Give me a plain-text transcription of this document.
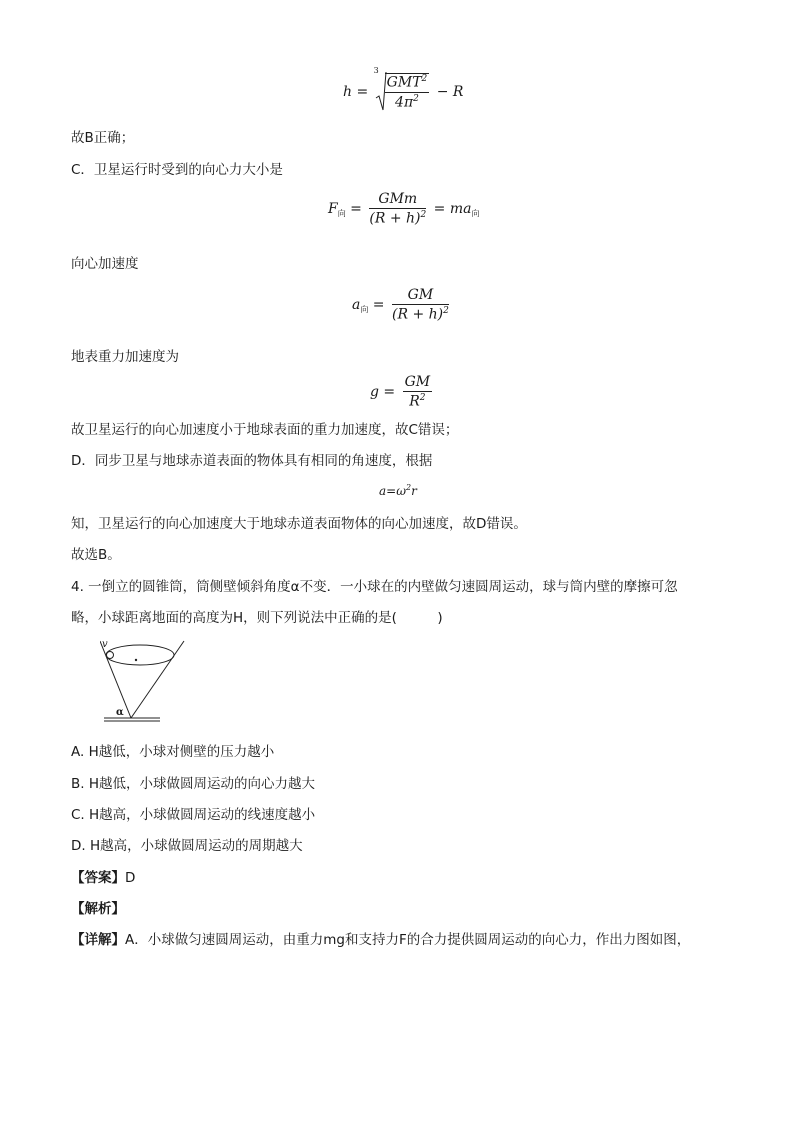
h =
3
$\frac{GMT^2}{4\pi^2} - R$
故B正确；
C．卫星运行时受到的向心力大小是
$F_向 = \frac{\text{GMm}}{(R + h)^2} = ma_向$
向心加速度
$a_向 = \frac{GM}{(R + h)^2}$
地表重力加速度为
$g = \frac{GM}{R^2}$
故卫星运行的向心加速度小于地球表面的重力加速度，故C错误；
D．同步卫星与地球赤道表面的物体具有相同的角速度，根据
$a=\omega^2r$
知，卫星运行的向心加速度大于地球赤道表面物体的向心加速度，故D错误。
故选B。
4. 一倒立的圆锥筒，筒侧壁倾斜角度α不变．一小球在的内壁做匀速圆周运动，球与筒内壁的摩擦可忽
略，小球距离地面的高度为H，则下列说法中正确的是(　　　)
v
α
A. H越低，小球对侧壁的压力越小
B. H越低，小球做圆周运动的向心力越大
C. H越高，小球做圆周运动的线速度越小
D. H越高，小球做圆周运动的周期越大
【答案】D
【解析】
【详解】A．小球做匀速圆周运动，由重力mg和支持力F的合力提供圆周运动的向心力，作出力图如图，
